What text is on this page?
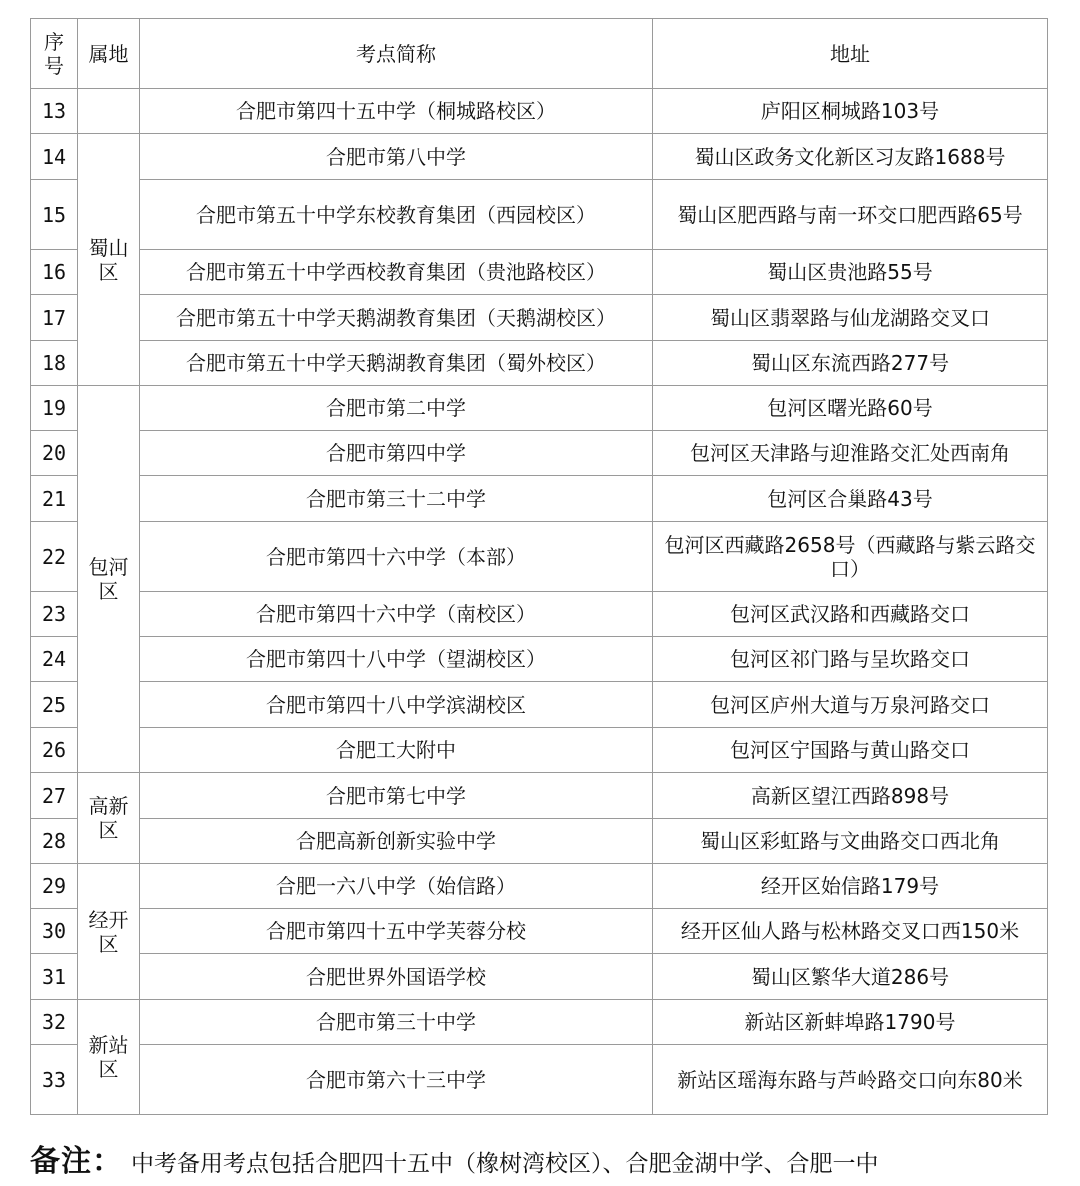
序号	属地	考点简称	地址
13		合肥市第四十五中学（桐城路校区）	庐阳区桐城路103号
14	蜀山区	合肥市第八中学	蜀山区政务文化新区习友路1688号
15		合肥市第五十中学东校教育集团（西园校区）	蜀山区肥西路与南一环交口肥西路65号
16		合肥市第五十中学西校教育集团（贵池路校区）	蜀山区贵池路55号
17		合肥市第五十中学天鹅湖教育集团（天鹅湖校区）	蜀山区翡翠路与仙龙湖路交叉口
18		合肥市第五十中学天鹅湖教育集团（蜀外校区）	蜀山区东流西路277号
19	包河区	合肥市第二中学	包河区曙光路60号
20		合肥市第四中学	包河区天津路与迎淮路交汇处西南角
21		合肥市第三十二中学	包河区合巢路43号
22		合肥市第四十六中学（本部）	包河区西藏路2658号（西藏路与紫云路交口）
23		合肥市第四十六中学（南校区）	包河区武汉路和西藏路交口
24		合肥市第四十八中学（望湖校区）	包河区祁门路与呈坎路交口
25		合肥市第四十八中学滨湖校区	包河区庐州大道与万泉河路交口
26		合肥工大附中	包河区宁国路与黄山路交口
27	高新区	合肥市第七中学	高新区望江西路898号
28		合肥高新创新实验中学	蜀山区彩虹路与文曲路交口西北角
29	经开区	合肥一六八中学（始信路）	经开区始信路179号
30		合肥市第四十五中学芙蓉分校	经开区仙人路与松林路交叉口西150米
31		合肥世界外国语学校	蜀山区繁华大道286号
32	新站区	合肥市第三十中学	新站区新蚌埠路1790号
33		合肥市第六十三中学	新站区瑶海东路与芦岭路交口向东80米
备注： 中考备用考点包括合肥四十五中（橡树湾校区）、合肥金湖中学、合肥一中
